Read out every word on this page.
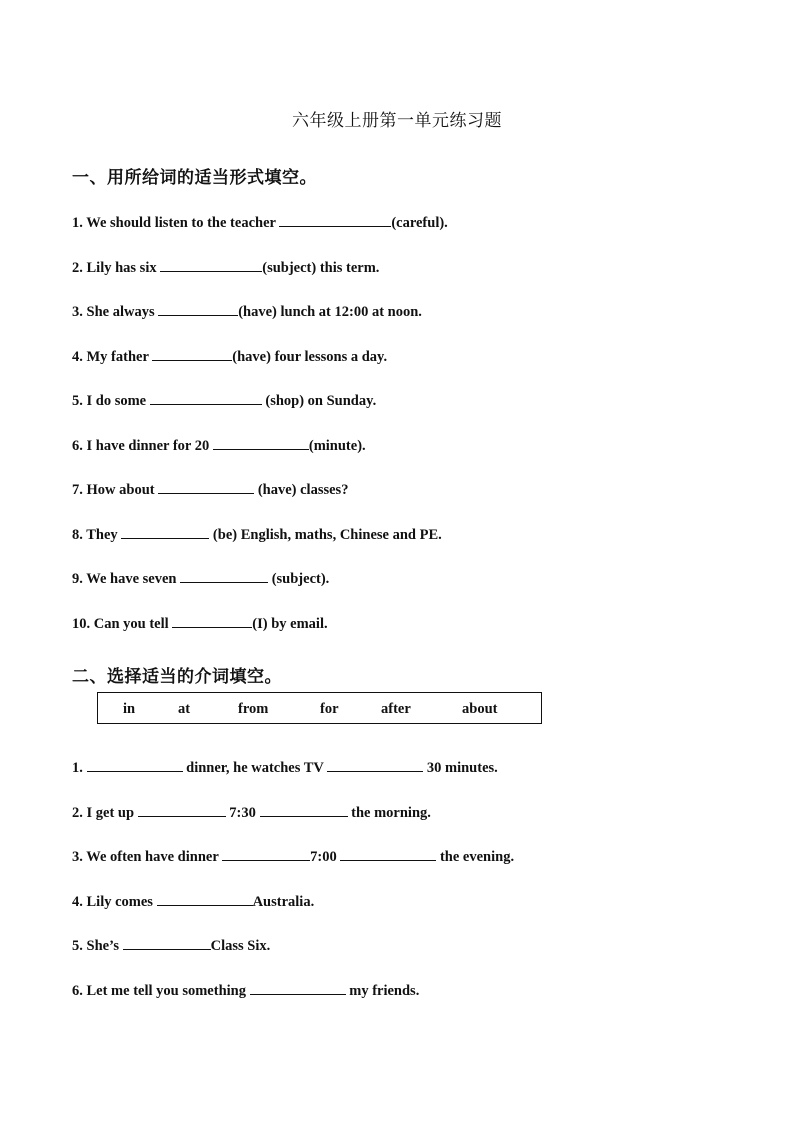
六年级上册第一单元练习题
一、用所给词的适当形式填空。
1. We should listen to the teacher	(careful).
2. Lily has six	(subject) this term.
3. She always	(have) lunch at 12:00 at noon.
4. My father	(have) four lessons a day.
5. I do some	(shop) on Sunday.
6. I have dinner for 20	(minute).
7. How about	(have) classes?
8. They	(be) English, maths, Chinese and PE.
9. We have seven	(subject).
10. Can you tell	(I) by email.
二、选择适当的介词填空。
in	at	from	for	after	about
1.	dinner, he watches TV	30 minutes.
2. I get up	7:30	the morning.
3. We often have dinner	7:00	the evening.
4. Lily comes	Australia.
5. She’s	Class Six.
6. Let me tell you something	my friends.
